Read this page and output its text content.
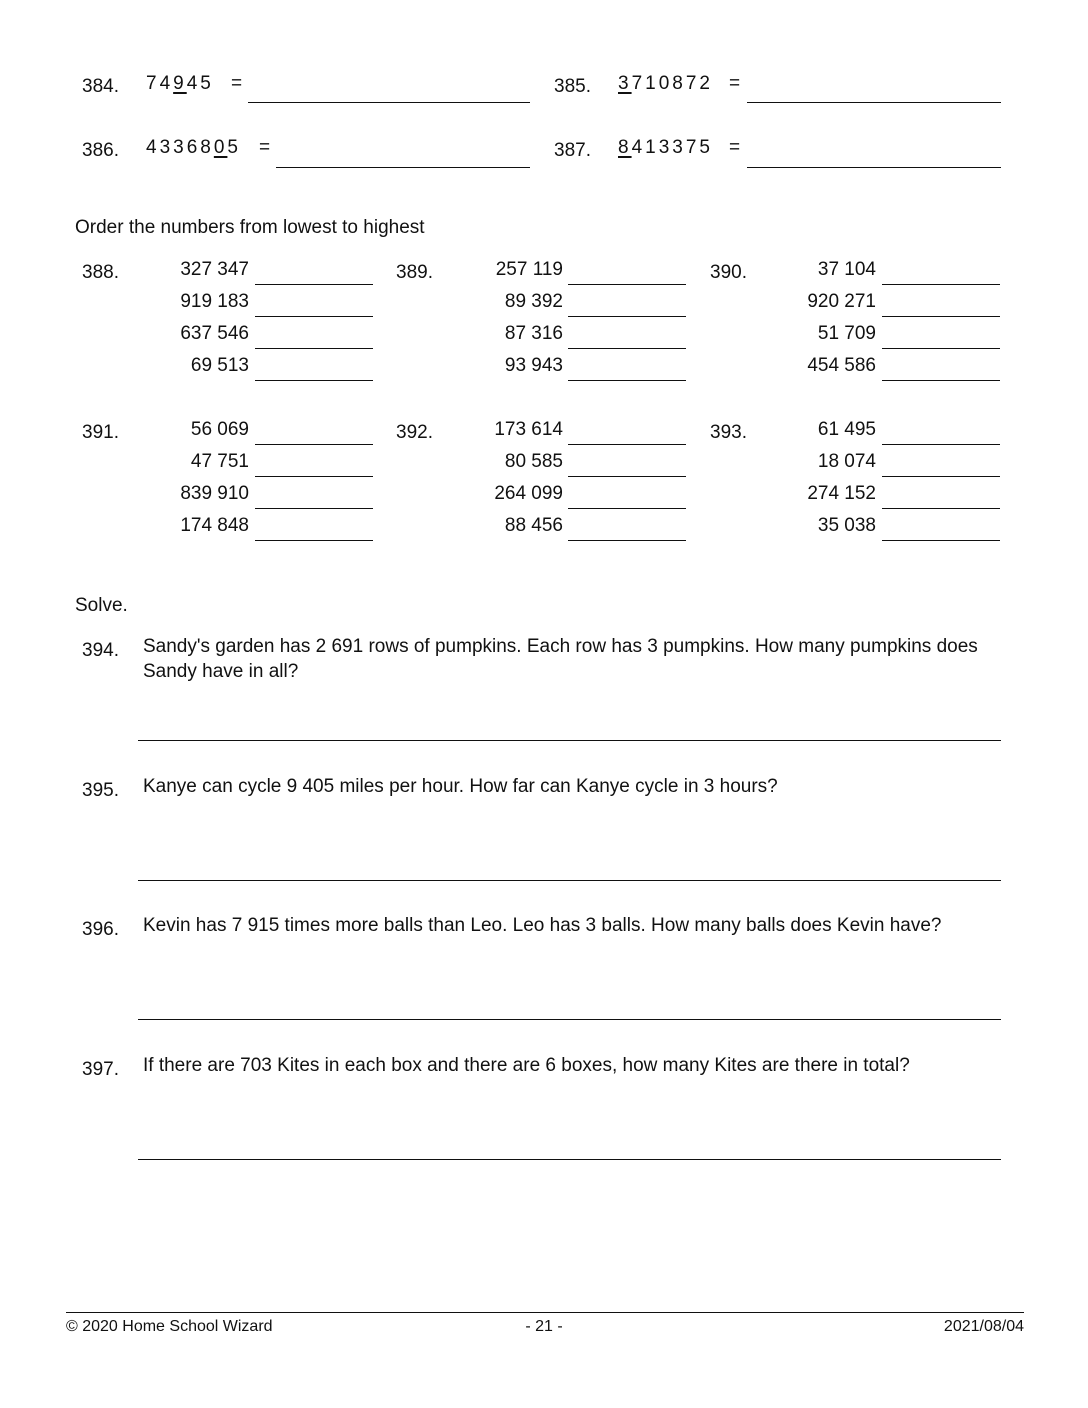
384. 74945 =	385. 3710872 =
386. 4336805 =	387. 8413375 =
Order the numbers from lowest to highest
388.	327 347
919 183
637 546
69 513
389.	257 119
89 392
87 316
93 943
390.	37 104
920 271
51 709
454 586
391.	56 069
47 751
839 910
174 848
392.	173 614
80 585
264 099
88 456
393.	61 495
18 074
274 152
35 038
Solve.
394. Sandy's garden has 2 691 rows of pumpkins. Each row has 3 pumpkins. How many pumpkins does Sandy have in all?
395. Kanye can cycle 9 405 miles per hour. How far can Kanye cycle in 3 hours?
396. Kevin has 7 915 times more balls than Leo. Leo has 3 balls. How many balls does Kevin have?
397. If there are 703 Kites in each box and there are 6 boxes, how many Kites are there in total?
© 2020 Home School Wizard	- 21 -	2021/08/04
